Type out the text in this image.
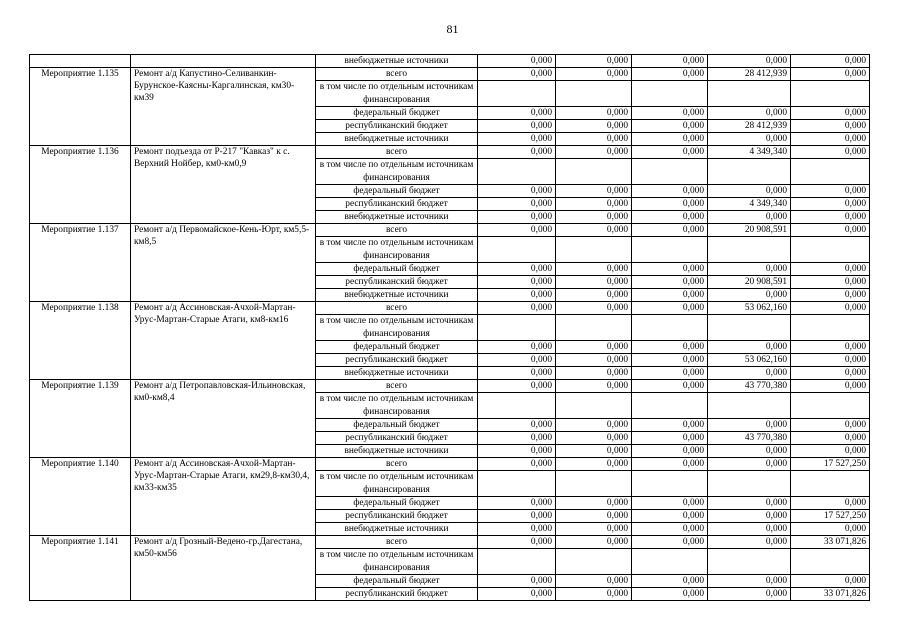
81
		внебюджетные источники	0,000	0,000	0,000	0,000	0,000
Мероприятие 1.135	Ремонт а/д Капустино-Селиванкин-Бурунское-Каясны-Каргалинская, км30-км39	всего	0,000	0,000	0,000	28 412,939	0,000
		в том числе по отдельным источникам финансирования					
		федеральный бюджет	0,000	0,000	0,000	0,000	0,000
		республиканский бюджет	0,000	0,000	0,000	28 412,939	0,000
		внебюджетные источники	0,000	0,000	0,000	0,000	0,000
Мероприятие 1.136	Ремонт подъезда от Р-217 "Кавказ" к с. Верхний Нойбер, км0-км0,9	всего	0,000	0,000	0,000	4 349,340	0,000
		в том числе по отдельным источникам финансирования					
		федеральный бюджет	0,000	0,000	0,000	0,000	0,000
		республиканский бюджет	0,000	0,000	0,000	4 349,340	0,000
		внебюджетные источники	0,000	0,000	0,000	0,000	0,000
Мероприятие 1.137	Ремонт а/д Первомайское-Кень-Юрт, км5,5-км8,5	всего	0,000	0,000	0,000	20 908,591	0,000
		в том числе по отдельным источникам финансирования					
		федеральный бюджет	0,000	0,000	0,000	0,000	0,000
		республиканский бюджет	0,000	0,000	0,000	20 908,591	0,000
		внебюджетные источники	0,000	0,000	0,000	0,000	0,000
Мероприятие 1.138	Ремонт а/д Ассиновская-Ачхой-Мартан-Урус-Мартан-Старые Атаги, км8-км16	всего	0,000	0,000	0,000	53 062,160	0,000
		в том числе по отдельным источникам финансирования					
		федеральный бюджет	0,000	0,000	0,000	0,000	0,000
		республиканский бюджет	0,000	0,000	0,000	53 062,160	0,000
		внебюджетные источники	0,000	0,000	0,000	0,000	0,000
Мероприятие 1.139	Ремонт а/д Петропавловская-Ильиновская, км0-км8,4	всего	0,000	0,000	0,000	43 770,380	0,000
		в том числе по отдельным источникам финансирования					
		федеральный бюджет	0,000	0,000	0,000	0,000	0,000
		республиканский бюджет	0,000	0,000	0,000	43 770,380	0,000
		внебюджетные источники	0,000	0,000	0,000	0,000	0,000
Мероприятие 1.140	Ремонт а/д Ассиновская-Ачхой-Мартан-Урус-Мартан-Старые Атаги, км29,8-км30,4, км33-км35	всего	0,000	0,000	0,000	0,000	17 527,250
		в том числе по отдельным источникам финансирования					
		федеральный бюджет	0,000	0,000	0,000	0,000	0,000
		республиканский бюджет	0,000	0,000	0,000	0,000	17 527,250
		внебюджетные источники	0,000	0,000	0,000	0,000	0,000
Мероприятие 1.141	Ремонт а/д Грозный-Ведено-гр.Дагестана, км50-км56	всего	0,000	0,000	0,000	0,000	33 071,826
		в том числе по отдельным источникам финансирования					
		федеральный бюджет	0,000	0,000	0,000	0,000	0,000
		республиканский бюджет	0,000	0,000	0,000	0,000	33 071,826
